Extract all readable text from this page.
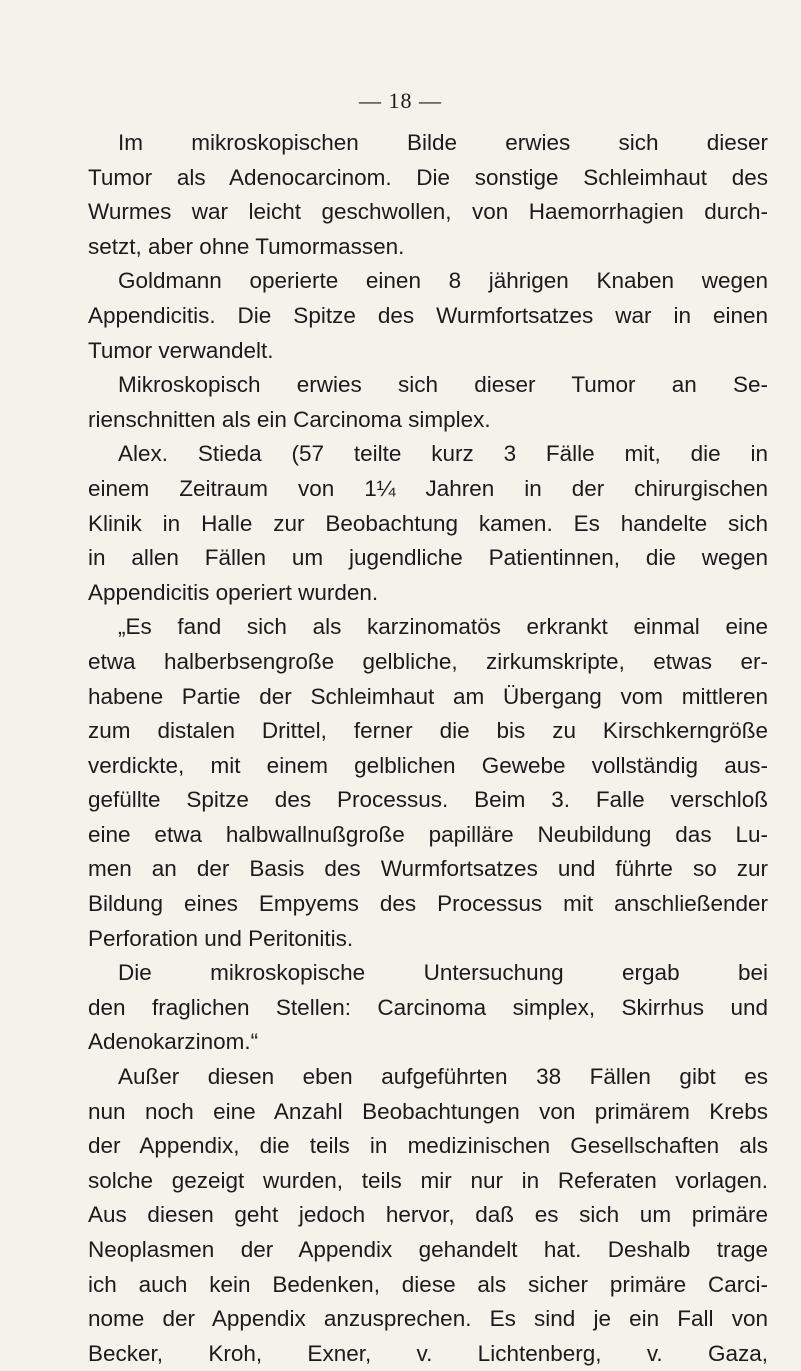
— 18 —
Im mikroskopischen Bilde erwies sich dieser
Tumor als Adenocarcinom. Die sonstige Schleimhaut des
Wurmes war leicht geschwollen, von Haemorrhagien durch-
setzt, aber ohne Tumormassen.
Goldmann operierte einen 8 jährigen Knaben wegen
Appendicitis. Die Spitze des Wurmfortsatzes war in einen
Tumor verwandelt.
Mikroskopisch erwies sich dieser Tumor an Se-
rienschnitten als ein Carcinoma simplex.
Alex. Stieda (57 teilte kurz 3 Fälle mit, die in
einem Zeitraum von 1¼ Jahren in der chirurgischen
Klinik in Halle zur Beobachtung kamen. Es handelte sich
in allen Fällen um jugendliche Patientinnen, die wegen
Appendicitis operiert wurden.
„Es fand sich als karzinomatös erkrankt einmal eine
etwa halberbsengroße gelbliche, zirkumskripte, etwas er-
habene Partie der Schleimhaut am Übergang vom mittleren
zum distalen Drittel, ferner die bis zu Kirschkerngröße
verdickte, mit einem gelblichen Gewebe vollständig aus-
gefüllte Spitze des Processus. Beim 3. Falle verschloß
eine etwa halbwallnußgroße papilläre Neubildung das Lu-
men an der Basis des Wurmfortsatzes und führte so zur
Bildung eines Empyems des Processus mit anschließender
Perforation und Peritonitis.
Die mikroskopische Untersuchung ergab bei
den fraglichen Stellen: Carcinoma simplex, Skirrhus und
Adenokarzinom.“
Außer diesen eben aufgeführten 38 Fällen gibt es
nun noch eine Anzahl Beobachtungen von primärem Krebs
der Appendix, die teils in medizinischen Gesellschaften als
solche gezeigt wurden, teils mir nur in Referaten vorlagen.
Aus diesen geht jedoch hervor, daß es sich um primäre
Neoplasmen der Appendix gehandelt hat. Deshalb trage
ich auch kein Bedenken, diese als sicher primäre Carci-
nome der Appendix anzusprechen. Es sind je ein Fall von
Becker, Kroh, Exner, v. Lichtenberg, v. Gaza,
